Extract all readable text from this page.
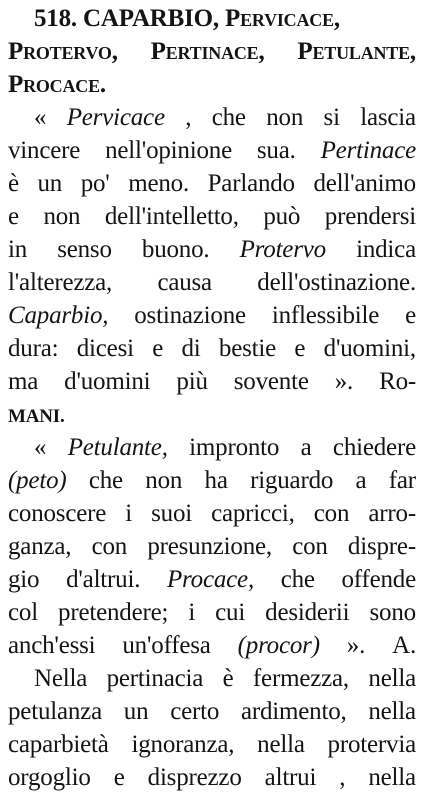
518. CAPARBIO, Pervicace,
Protervo, Pertinace, Petulante,
Procace.
« Pervicace , che non si lascia
vincere nell'opinione sua. Pertinace
è un po' meno. Parlando dell'animo
e non dell'intelletto, può prendersi
in senso buono. Protervo indica
l'alterezza, causa dell'ostinazione.
Caparbio, ostinazione inflessibile e
dura: dicesi e di bestie e d'uomini,
ma d'uomini più sovente ». Ro-
MANI.
« Petulante, impronto a chiedere
(peto) che non ha riguardo a far
conoscere i suoi capricci, con arro-
ganza, con presunzione, con dispre-
gio d'altrui. Procace, che offende
col pretendere; i cui desiderii sono
anch'essi un'offesa (procor) ». A.
Nella pertinacia è fermezza, nella
petulanza un certo ardimento, nella
caparbietà ignoranza, nella protervia
orgoglio e disprezzo altrui , nella
